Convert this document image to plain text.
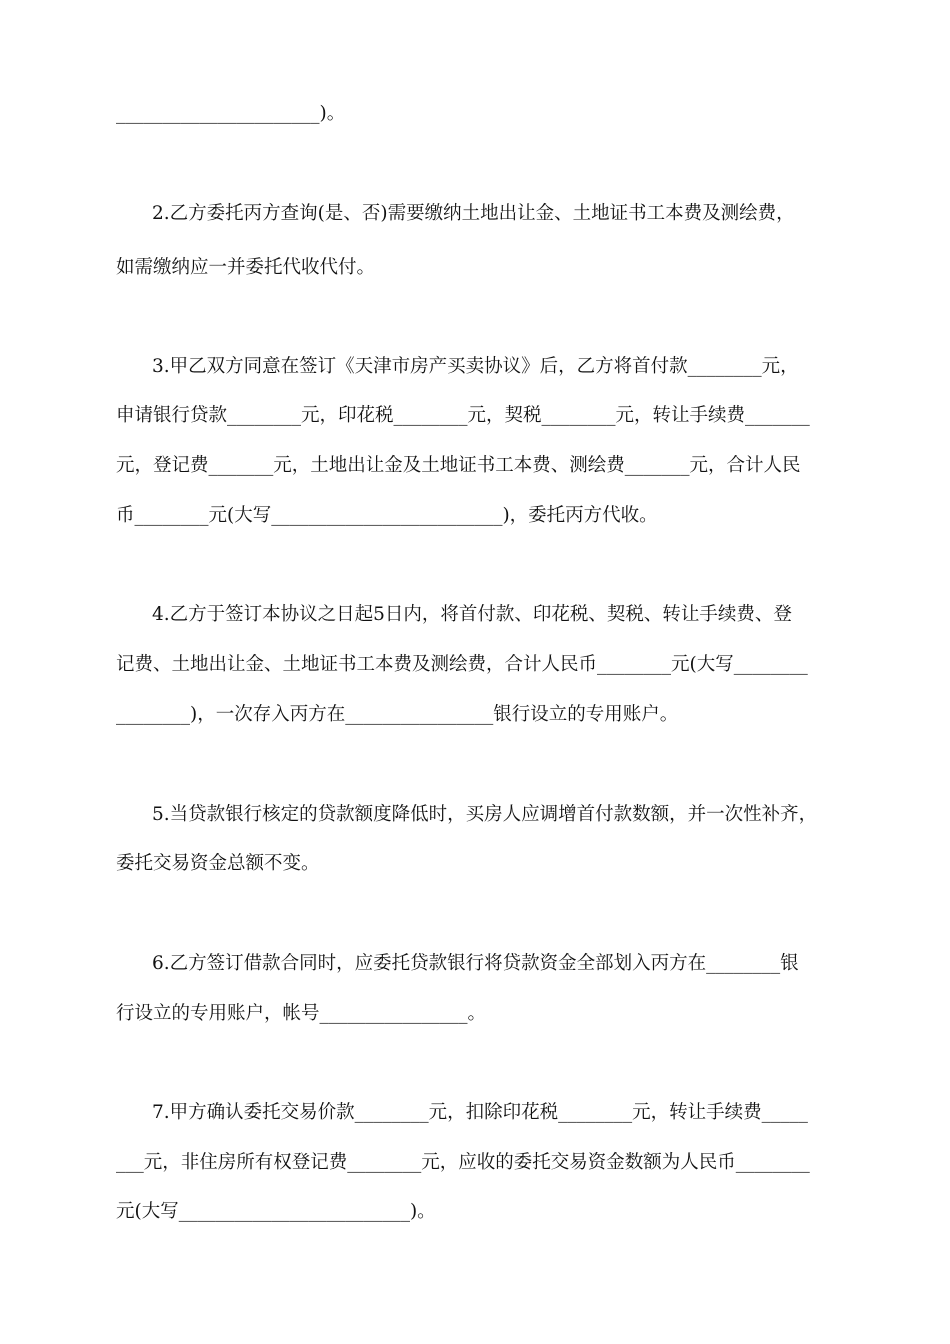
______________________)。
2.乙方委托丙方查询(是、否)需要缴纳土地出让金、土地证书工本费及测绘费，
如需缴纳应一并委托代收代付。
3.甲乙双方同意在签订《天津市房产买卖协议》后，乙方将首付款________元，
申请银行贷款________元，印花税________元，契税________元，转让手续费_______
元，登记费_______元，土地出让金及土地证书工本费、测绘费_______元，合计人民
币________元(大写_________________________)，委托丙方代收。
4.乙方于签订本协议之日起5日内，将首付款、印花税、契税、转让手续费、登
记费、土地出让金、土地证书工本费及测绘费，合计人民币________元(大写________
________)，一次存入丙方在________________银行设立的专用账户。
5.当贷款银行核定的贷款额度降低时，买房人应调增首付款数额，并一次性补齐，
委托交易资金总额不变。
6.乙方签订借款合同时，应委托贷款银行将贷款资金全部划入丙方在________银
行设立的专用账户，帐号________________。
7.甲方确认委托交易价款________元，扣除印花税________元，转让手续费_____
___元，非住房所有权登记费________元，应收的委托交易资金数额为人民币________
元(大写_________________________)。
